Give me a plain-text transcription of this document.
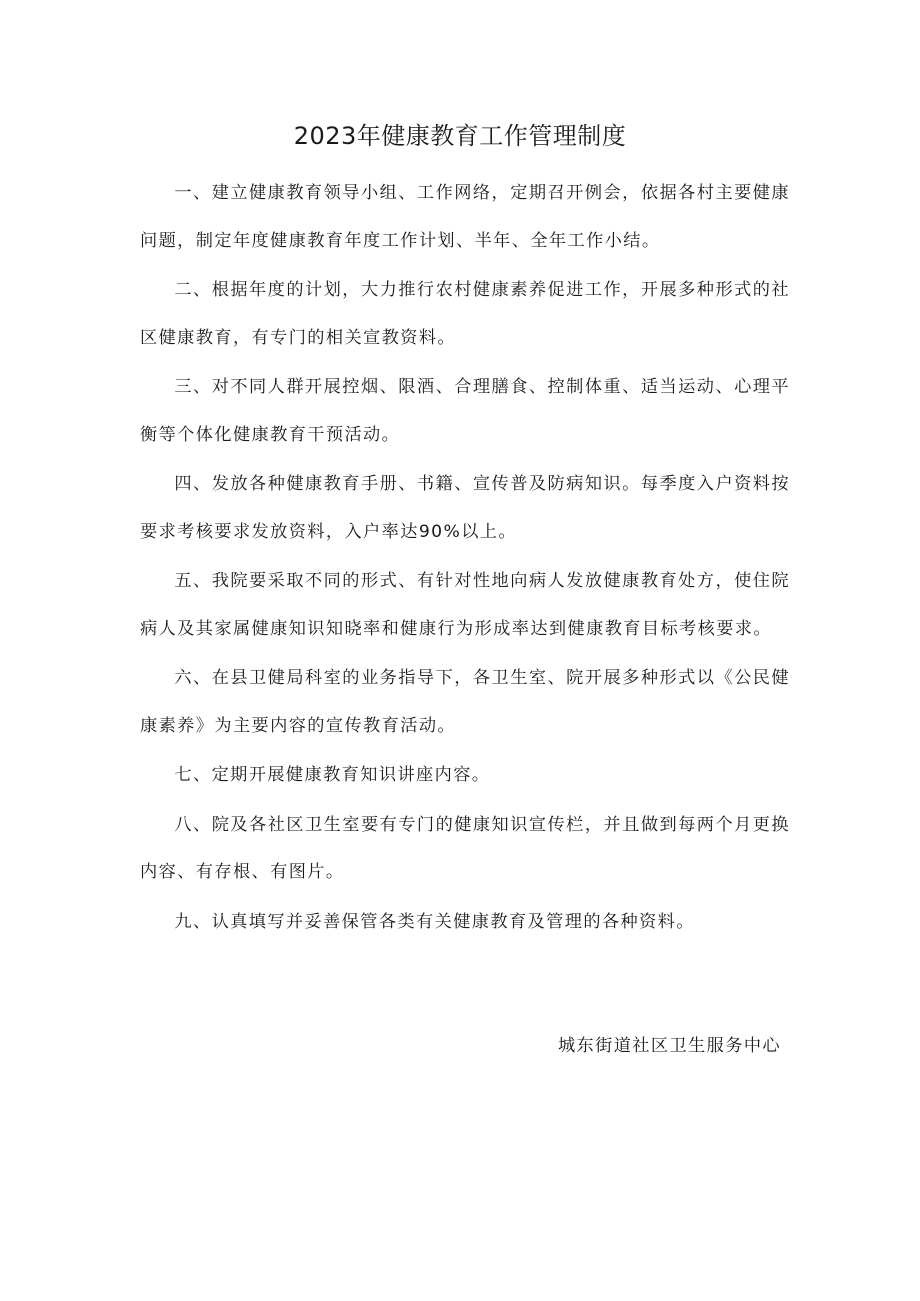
2023年健康教育工作管理制度

一、建立健康教育领导小组、工作网络，定期召开例会，依据各村主要健康问题，制定年度健康教育年度工作计划、半年、全年工作小结。

二、根据年度的计划，大力推行农村健康素养促进工作，开展多种形式的社区健康教育，有专门的相关宣教资料。

三、对不同人群开展控烟、限酒、合理膳食、控制体重、适当运动、心理平衡等个体化健康教育干预活动。

四、发放各种健康教育手册、书籍、宣传普及防病知识。每季度入户资料按要求考核要求发放资料，入户率达90%以上。

五、我院要采取不同的形式、有针对性地向病人发放健康教育处方，使住院病人及其家属健康知识知晓率和健康行为形成率达到健康教育目标考核要求。

六、在县卫健局科室的业务指导下，各卫生室、院开展多种形式以《公民健康素养》为主要内容的宣传教育活动。

七、定期开展健康教育知识讲座内容。

八、院及各社区卫生室要有专门的健康知识宣传栏，并且做到每两个月更换内容、有存根、有图片。

九、认真填写并妥善保管各类有关健康教育及管理的各种资料。

城东街道社区卫生服务中心
